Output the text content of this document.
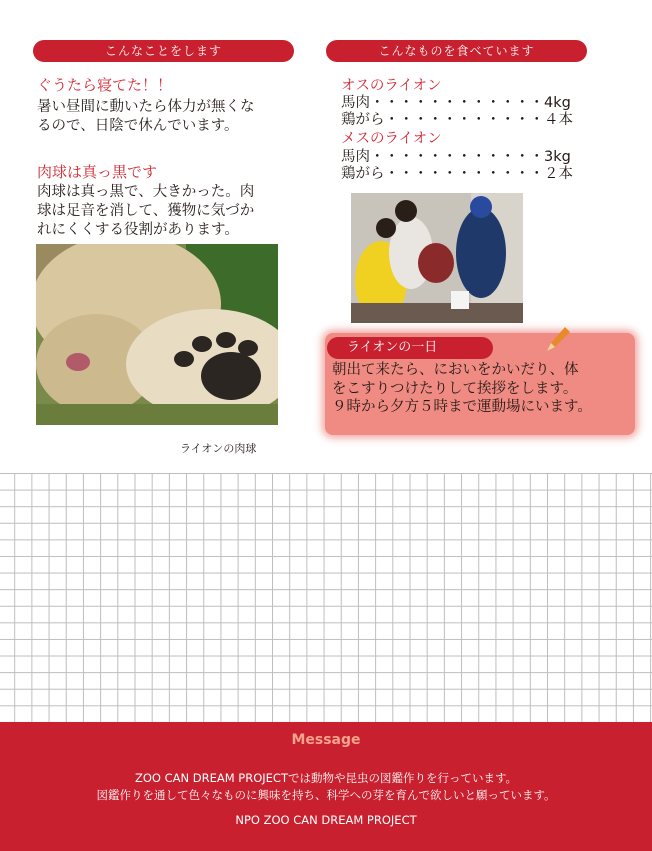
こんなことをします
ぐうたら寝てた！！
暑い昼間に動いたら体力が無くな
るので、日陰で休んでいます。
肉球は真っ黒です
肉球は真っ黒で、大きかった。肉
球は足音を消して、獲物に気づか
れにくくする役割があります。
ライオンの肉球
こんなものを食べています
オスのライオン
馬肉・・・・・・・・・・・・4kg
鶏がら・・・・・・・・・・・４本
メスのライオン
馬肉・・・・・・・・・・・・3kg
鶏がら・・・・・・・・・・・２本
ライオンの一日
朝出て来たら、においをかいだり、体
をこすりつけたりして挨拶をします。
９時から夕方５時まで運動場にいます。
Message
ZOO CAN DREAM PROJECTでは動物や昆虫の図鑑作りを行っています。
図鑑作りを通して色々なものに興味を持ち、科学への芽を育んで欲しいと願っています。
NPO ZOO CAN DREAM PROJECT
